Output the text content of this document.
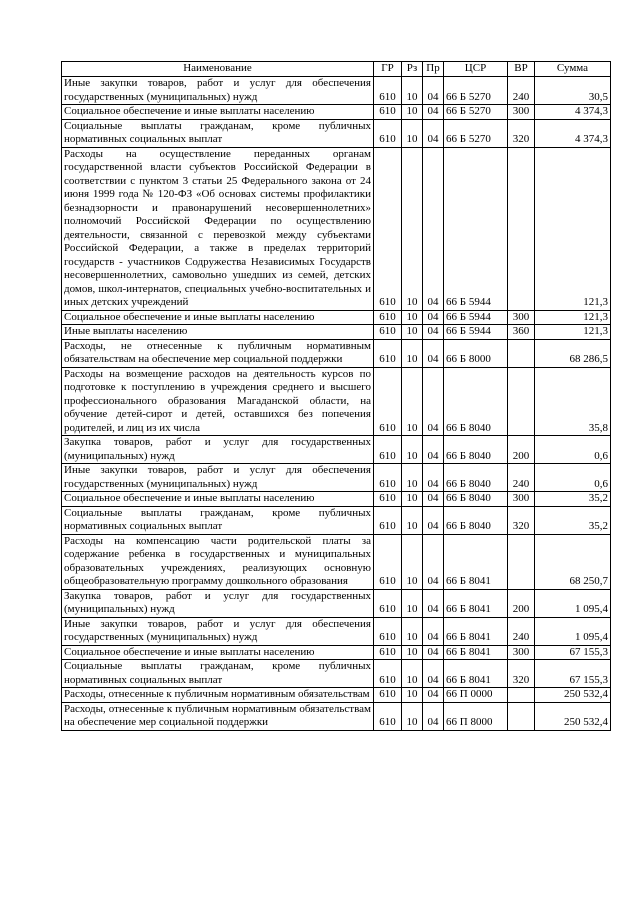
Наименование	ГР	Рз	Пр	ЦСР	ВР	Сумма
Иные закупки товаров, работ и услуг для обеспечения государственных (муниципальных) нужд	610	10	04	66 Б 5270	240	30,5
Социальное обеспечение и иные выплаты населению	610	10	04	66 Б 5270	300	4 374,3
Социальные выплаты гражданам, кроме публичных нормативных социальных выплат	610	10	04	66 Б 5270	320	4 374,3
Расходы на осуществление переданных органам государственной власти субъектов Российской Федерации в соответствии с пунктом 3 статьи 25 Федерального закона от 24 июня 1999 года № 120-ФЗ «Об основах системы профилактики безнадзорности и правонарушений несовершеннолетних» полномочий Российской Федерации по осуществлению деятельности, связанной с перевозкой между субъектами Российской Федерации, а также в пределах территорий государств - участников Содружества Независимых Государств несовершеннолетних, самовольно ушедших из семей, детских домов, школ-интернатов, специальных учебно-воспитательных и иных детских учреждений	610	10	04	66 Б 5944		121,3
Социальное обеспечение и иные выплаты населению	610	10	04	66 Б 5944	300	121,3
Иные выплаты населению	610	10	04	66 Б 5944	360	121,3
Расходы, не отнесенные к публичным нормативным обязательствам на обеспечение мер социальной поддержки	610	10	04	66 Б 8000		68 286,5
Расходы на возмещение расходов на деятельность курсов по подготовке к поступлению в учреждения среднего и высшего профессионального образования Магаданской области, на обучение детей-сирот и детей, оставшихся без попечения родителей, и лиц из их числа	610	10	04	66 Б 8040		35,8
Закупка товаров, работ и услуг для государственных (муниципальных) нужд	610	10	04	66 Б 8040	200	0,6
Иные закупки товаров, работ и услуг для обеспечения государственных (муниципальных) нужд	610	10	04	66 Б 8040	240	0,6
Социальное обеспечение и иные выплаты населению	610	10	04	66 Б 8040	300	35,2
Социальные выплаты гражданам, кроме публичных нормативных социальных выплат	610	10	04	66 Б 8040	320	35,2
Расходы на компенсацию части родительской платы за содержание ребенка в государственных и муниципальных образовательных учреждениях, реализующих основную общеобразовательную программу дошкольного образования	610	10	04	66 Б 8041		68 250,7
Закупка товаров, работ и услуг для государственных (муниципальных) нужд	610	10	04	66 Б 8041	200	1 095,4
Иные закупки товаров, работ и услуг для обеспечения государственных (муниципальных) нужд	610	10	04	66 Б 8041	240	1 095,4
Социальное обеспечение и иные выплаты населению	610	10	04	66 Б 8041	300	67 155,3
Социальные выплаты гражданам, кроме публичных нормативных социальных выплат	610	10	04	66 Б 8041	320	67 155,3
Расходы, отнесенные к публичным нормативным обязательствам	610	10	04	66 П 0000		250 532,4
Расходы, отнесенные к публичным нормативным обязательствам на обеспечение мер социальной поддержки	610	10	04	66 П 8000		250 532,4
